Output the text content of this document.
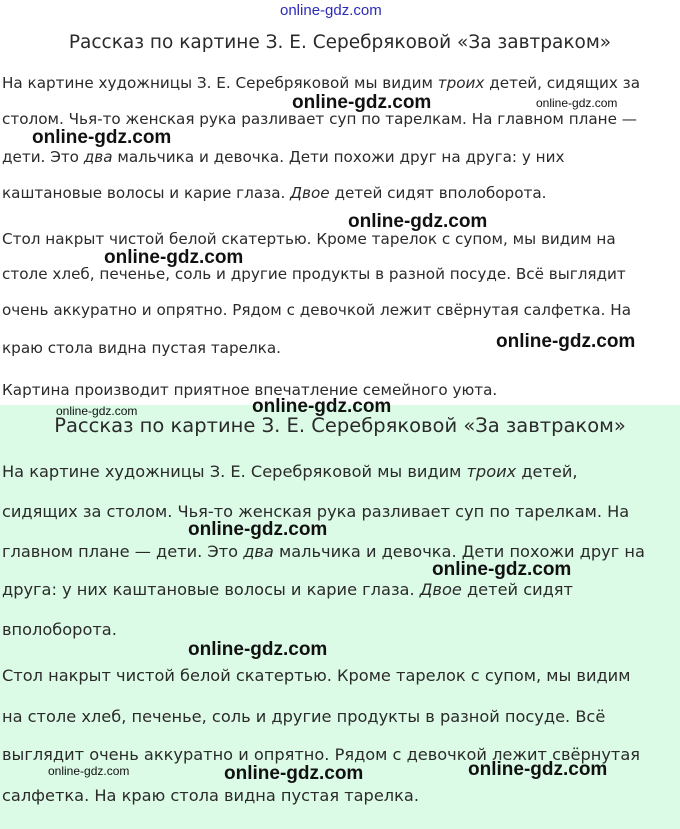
online-gdz.com
Рассказ по картине З. Е. Серебряковой «За завтраком»
На картине художницы З. Е. Серебряковой мы видим троих детей, сидящих за
столом. Чья-то женская рука разливает суп по тарелкам. На главном плане —
дети. Это два мальчика и девочка. Дети похожи друг на друга: у них
каштановые волосы и карие глаза. Двое детей сидят вполоборота.
Стол накрыт чистой белой скатертью. Кроме тарелок с супом, мы видим на
столе хлеб, печенье, соль и другие продукты в разной посуде. Всё выглядит
очень аккуратно и опрятно. Рядом с девочкой лежит свёрнутая салфетка. На
краю стола видна пустая тарелка.
Картина производит приятное впечатление семейного уюта.
Рассказ по картине З. Е. Серебряковой «За завтраком»
На картине художницы З. Е. Серебряковой мы видим троих детей,
сидящих за столом. Чья-то женская рука разливает суп по тарелкам. На
главном плане — дети. Это два мальчика и девочка. Дети похожи друг на
друга: у них каштановые волосы и карие глаза. Двое детей сидят
вполоборота.
Стол накрыт чистой белой скатертью. Кроме тарелок с супом, мы видим
на столе хлеб, печенье, соль и другие продукты в разной посуде. Всё
выглядит очень аккуратно и опрятно. Рядом с девочкой лежит свёрнутая
салфетка. На краю стола видна пустая тарелка.
online-gdz.com	online-gdz.com
online-gdz.com
online-gdz.com
online-gdz.com
online-gdz.com
online-gdz.com
online-gdz.com
online-gdz.com
online-gdz.com
online-gdz.com
online-gdz.com	online-gdz.com	online-gdz.com
